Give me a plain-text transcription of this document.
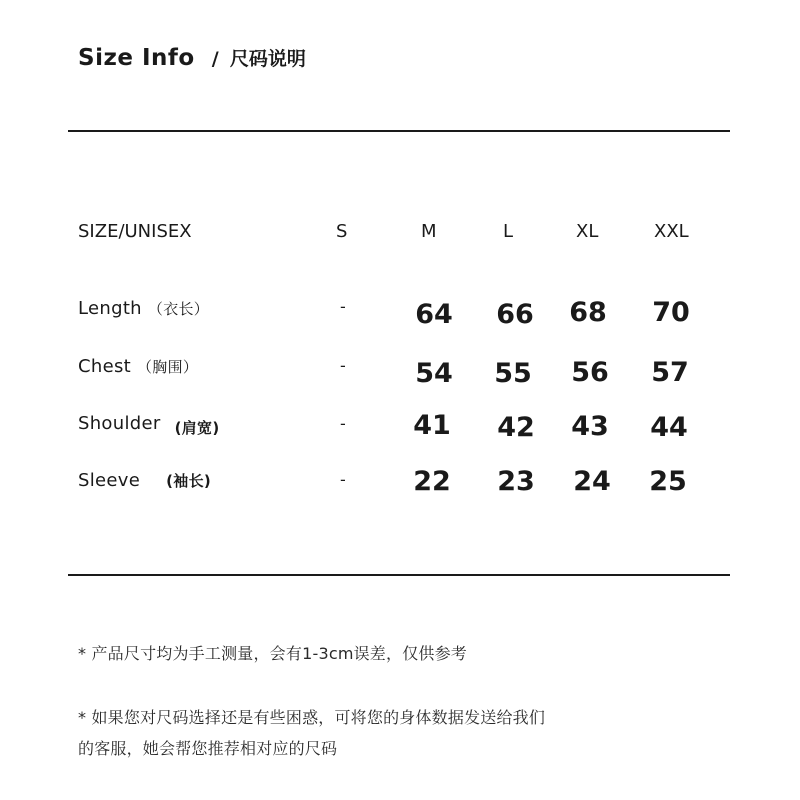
Size Info / 尺码说明
SIZE/UNISEX	S	M	L	XL	XXL
Length （衣长）	-	64	66	68	70
Chest （胸围）	-	54	55	56	57
Shoulder $_{(肩宽)}$	-	41	42	43	44
Sleeve (袖长)	-	22	23	24	25
* 产品尺寸均为手工测量，会有1-3cm误差，仅供参考
* 如果您对尺码选择还是有些困惑，可将您的身体数据发送给我们
的客服，她会帮您推荐相对应的尺码
